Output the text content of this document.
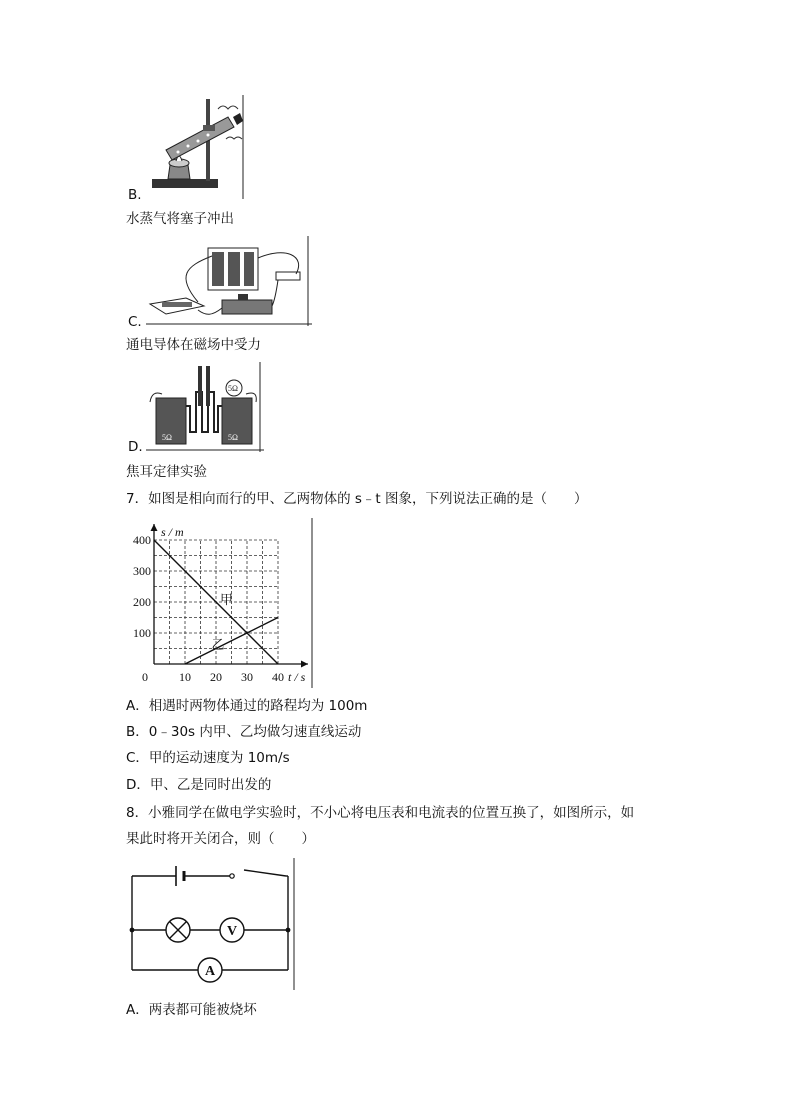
B.
水蒸气将塞子冲出
C.
通电导体在磁场中受力
5Ω	5Ω
5Ω
D.
焦耳定律实验
7．如图是相向而行的甲、乙两物体的 s﹣t 图象，下列说法正确的是（　　）
10 20 30 40
100
200
300
400
甲
乙
s / m
t / s
0
A．相遇时两物体通过的路程均为 100m
B．0﹣30s 内甲、乙均做匀速直线运动
C．甲的运动速度为 10m/s
D．甲、乙是同时出发的
8．小雅同学在做电学实验时，不小心将电压表和电流表的位置互换了，如图所示，如
果此时将开关闭合，则（　　）
V
A
A．两表都可能被烧坏
